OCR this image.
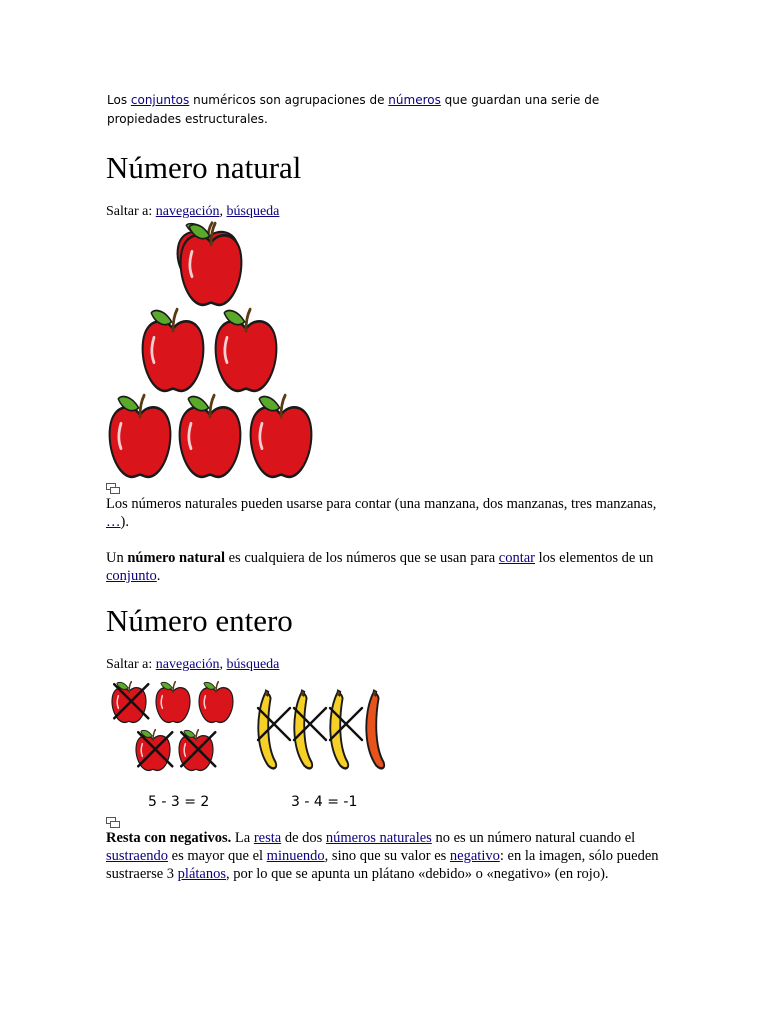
Los conjuntos numéricos son agrupaciones de números que guardan una serie de propiedades estructurales.
Número natural
Saltar a: navegación, búsqueda
Los números naturales pueden usarse para contar (una manzana, dos manzanas, tres manzanas, …).
Un número natural es cualquiera de los números que se usan para contar los elementos de un conjunto.
Número entero
Saltar a: navegación, búsqueda
5 - 3 = 2	3 - 4 = -1
Resta con negativos. La resta de dos números naturales no es un número natural cuando el sustraendo es mayor que el minuendo, sino que su valor es negativo: en la imagen, sólo pueden sustraerse 3 plátanos, por lo que se apunta un plátano «debido» o «negativo» (en rojo).
